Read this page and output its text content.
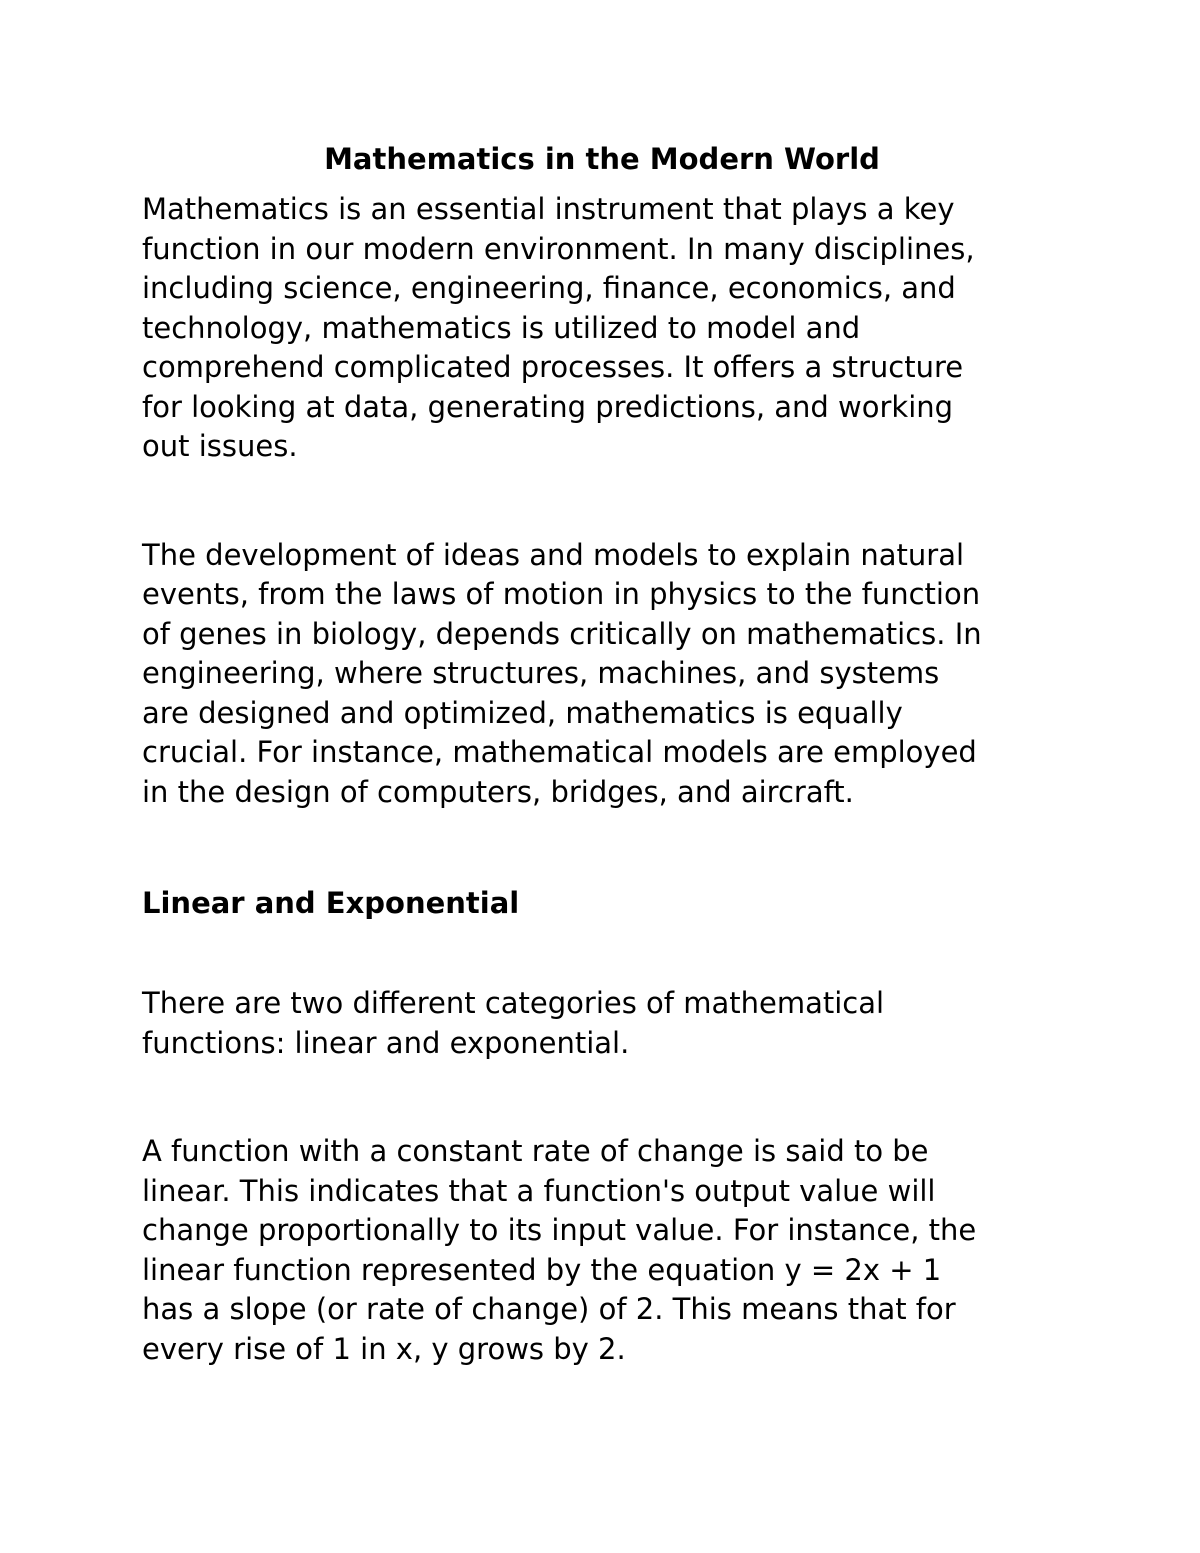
Mathematics in the Modern World

Mathematics is an essential instrument that plays a key
function in our modern environment. In many disciplines,
including science, engineering, finance, economics, and
technology, mathematics is utilized to model and
comprehend complicated processes. It offers a structure
for looking at data, generating predictions, and working
out issues.

The development of ideas and models to explain natural
events, from the laws of motion in physics to the function
of genes in biology, depends critically on mathematics. In
engineering, where structures, machines, and systems
are designed and optimized, mathematics is equally
crucial. For instance, mathematical models are employed
in the design of computers, bridges, and aircraft.

Linear and Exponential

There are two different categories of mathematical
functions: linear and exponential.

A function with a constant rate of change is said to be
linear. This indicates that a function's output value will
change proportionally to its input value. For instance, the
linear function represented by the equation y = 2x + 1
has a slope (or rate of change) of 2. This means that for
every rise of 1 in x, y grows by 2.
